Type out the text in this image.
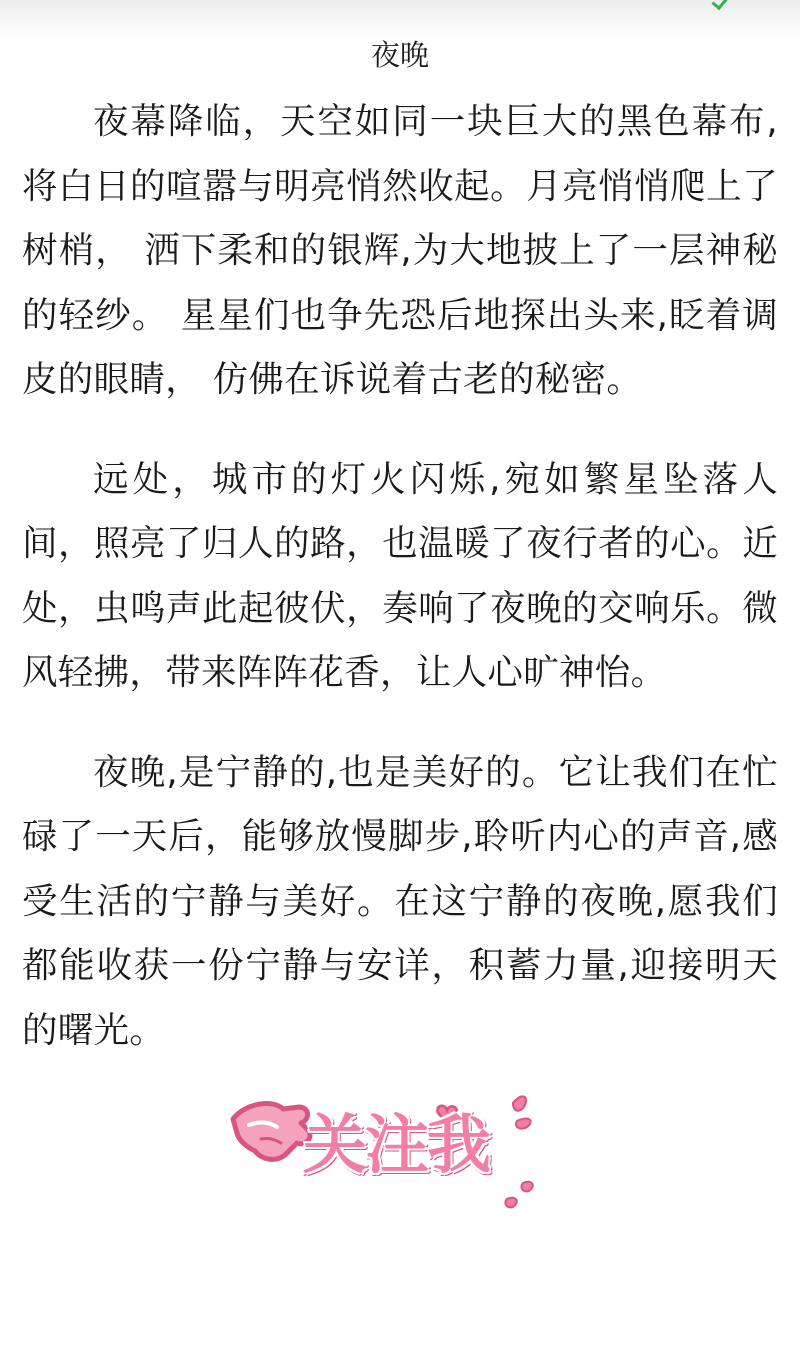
夜晚

夜幕降临，天空如同一块巨大的黑色幕布,将白日的喧嚣与明亮悄然收起。月亮悄悄爬上了树梢， 洒下柔和的银辉,为大地披上了一层神秘的轻纱。 星星们也争先恐后地探出头来,眨着调皮的眼睛， 仿佛在诉说着古老的秘密。

远处，城市的灯火闪烁,宛如繁星坠落人间，照亮了归人的路，也温暖了夜行者的心。近处，虫鸣声此起彼伏，奏响了夜晚的交响乐。微风轻拂，带来阵阵花香，让人心旷神怡。

夜晚,是宁静的,也是美好的。它让我们在忙碌了一天后，能够放慢脚步,聆听内心的声音,感受生活的宁静与美好。在这宁静的夜晚,愿我们都能收获一份宁静与安详，积蓄力量,迎接明天的曙光。

关注我
